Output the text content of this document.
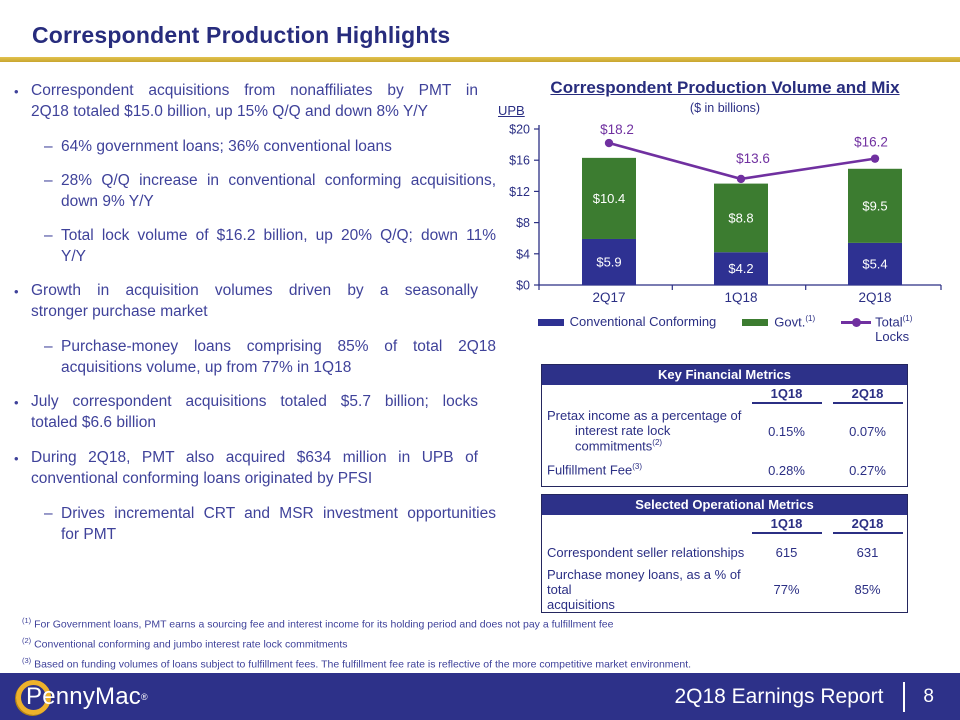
Correspondent Production Highlights
• Correspondent acquisitions from nonaffiliates by PMT in
2Q18 totaled $15.0 billion, up 15% Q/Q and down 8% Y/Y
– 64% government loans; 36% conventional loans
– 28% Q/Q increase in conventional conforming acquisitions,
down 9% Y/Y
– Total lock volume of $16.2 billion, up 20% Q/Q; down 11%
Y/Y
• Growth in acquisition volumes driven by a seasonally
stronger purchase market
– Purchase-money loans comprising 85% of total 2Q18
acquisitions volume, up from 77% in 1Q18
• July correspondent acquisitions totaled $5.7 billion; locks
totaled $6.6 billion
• During 2Q18, PMT also acquired $634 million in UPB of
conventional conforming loans originated by PFSI
– Drives incremental CRT and MSR investment opportunities
for PMT
Correspondent Production Volume and Mix
($ in billions)
UPB
$0
$4
$8
$12
$16
$20
$5.9
$10.4
2Q17
$4.2
$8.8
1Q18
$5.4
$9.5
2Q18
$18.2
$13.6
$16.2
Conventional Conforming	Govt.$^{(1)}$	Total$^{(1)}$
Locks
Key Financial Metrics
	1Q18	2Q18

Pretax income as a percentage of
interest rate lock commitments$^{(2)}$	0.15%	0.07%

Fulfillment Fee$^{(3)}$	0.28%	0.27%
Selected Operational Metrics
	1Q18	2Q18

Correspondent seller relationships	615	631

Purchase money loans, as a % of total
acquisitions	77%	85%
$^{(1)}$ For Government loans, PMT earns a sourcing fee and interest income for its holding period and does not pay a fulfillment fee
$^{(2)}$ Conventional conforming and jumbo interest rate lock commitments
$^{(3)}$ Based on funding volumes of loans subject to fulfillment fees. The fulfillment fee rate is reflective of the more competitive market environment.
PennyMac ®	2Q18 Earnings Report 8
